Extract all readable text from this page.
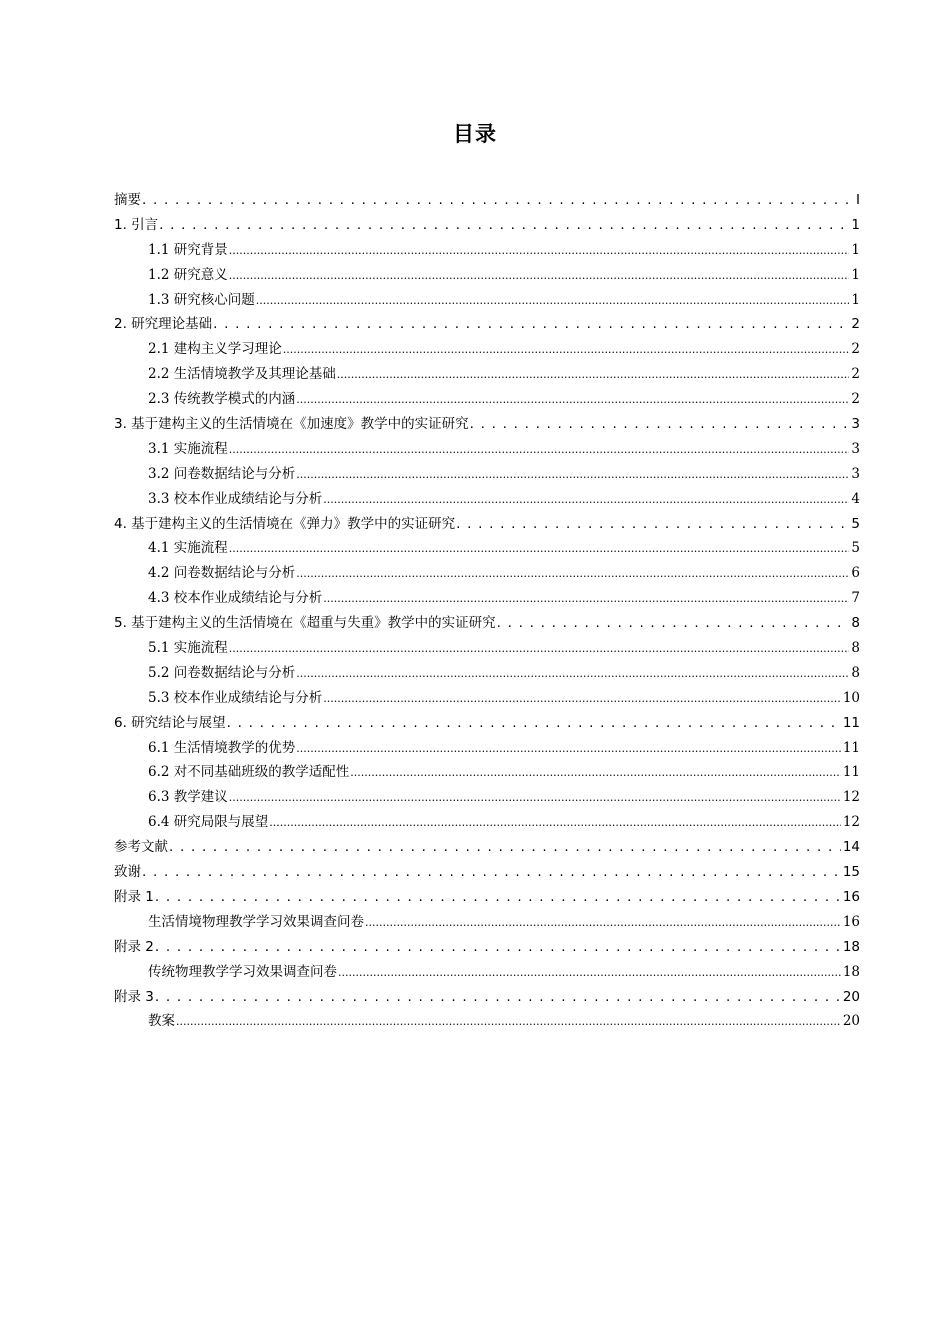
目录
摘要 . . .	I
1. 引言 . . .	1
1.1 研究背景 .....	1
1.2 研究意义 .....	1
1.3 研究核心问题 .....	1
2. 研究理论基础 . . .	2
2.1 建构主义学习理论 .....	2
2.2 生活情境教学及其理论基础 .....	2
2.3 传统教学模式的内涵 .....	2
3. 基于建构主义的生活情境在《加速度》教学中的实证研究 . . .	3
3.1 实施流程 .....	3
3.2 问卷数据结论与分析 .....	3
3.3 校本作业成绩结论与分析 .....	4
4. 基于建构主义的生活情境在《弹力》教学中的实证研究 . . .	5
4.1 实施流程 .....	5
4.2 问卷数据结论与分析 .....	6
4.3 校本作业成绩结论与分析 .....	7
5. 基于建构主义的生活情境在《超重与失重》教学中的实证研究 . . .	8
5.1 实施流程 .....	8
5.2 问卷数据结论与分析 .....	8
5.3 校本作业成绩结论与分析 .....	10
6. 研究结论与展望 . . .	11
6.1 生活情境教学的优势 .....	11
6.2 对不同基础班级的教学适配性 .....	11
6.3 教学建议 .....	12
6.4 研究局限与展望 .....	12
参考文献 . . .	14
致谢 . . .	15
附录 1 . . .	16
生活情境物理教学学习效果调查问卷 .....	16
附录 2 . . .	18
传统物理教学学习效果调查问卷 .....	18
附录 3 . . .	20
教案 .....	20
